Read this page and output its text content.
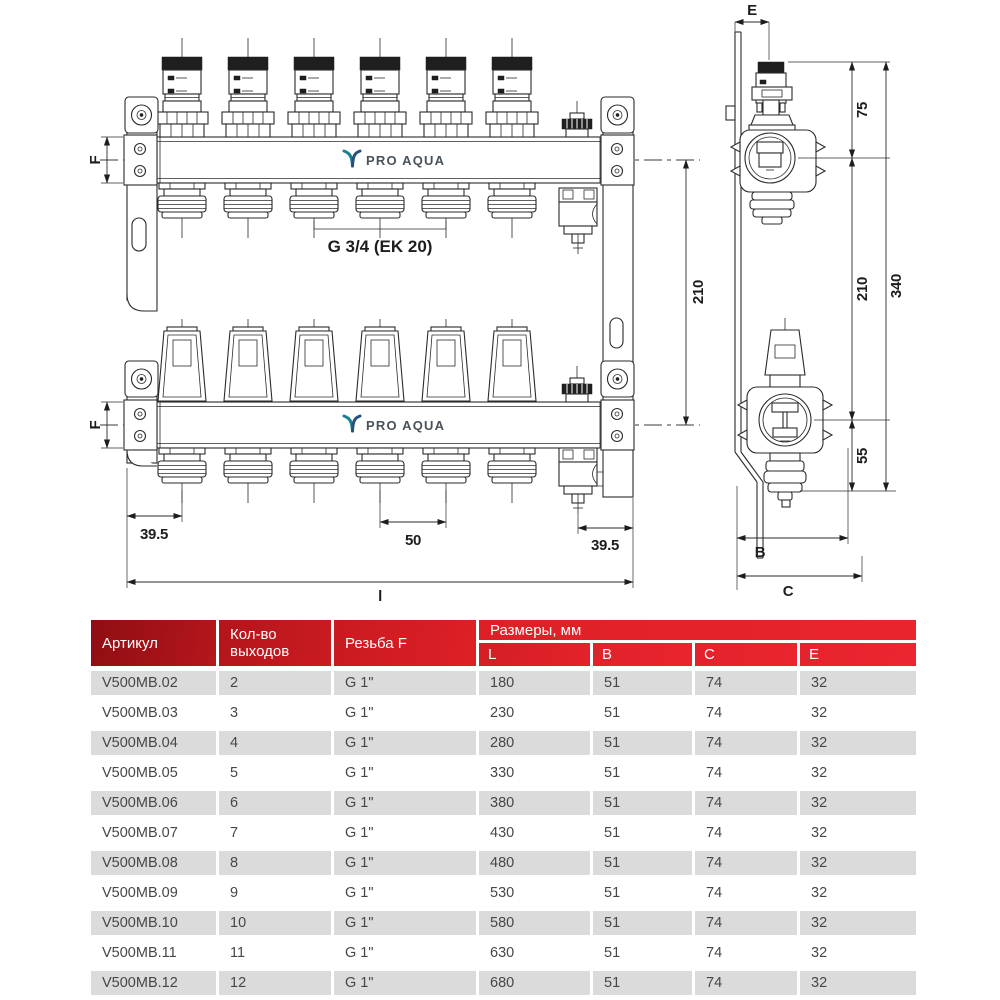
PRO AQUA
PRO AQUA
F
F
G 3/4 (EK 20)
210
39.5	50	39.5
l
E
75
210
55
340
B
C
Артикул	Кол-во выходов	Резьба F
Размеры, мм
L	B	C	E
V500MB.02	2	G 1"	180	51	74	32
V500MB.03	3	G 1"	230	51	74	32
V500MB.04	4	G 1"	280	51	74	32
V500MB.05	5	G 1"	330	51	74	32
V500MB.06	6	G 1"	380	51	74	32
V500MB.07	7	G 1"	430	51	74	32
V500MB.08	8	G 1"	480	51	74	32
V500MB.09	9	G 1"	530	51	74	32
V500MB.10	10	G 1"	580	51	74	32
V500MB.11	11	G 1"	630	51	74	32
V500MB.12	12	G 1"	680	51	74	32
